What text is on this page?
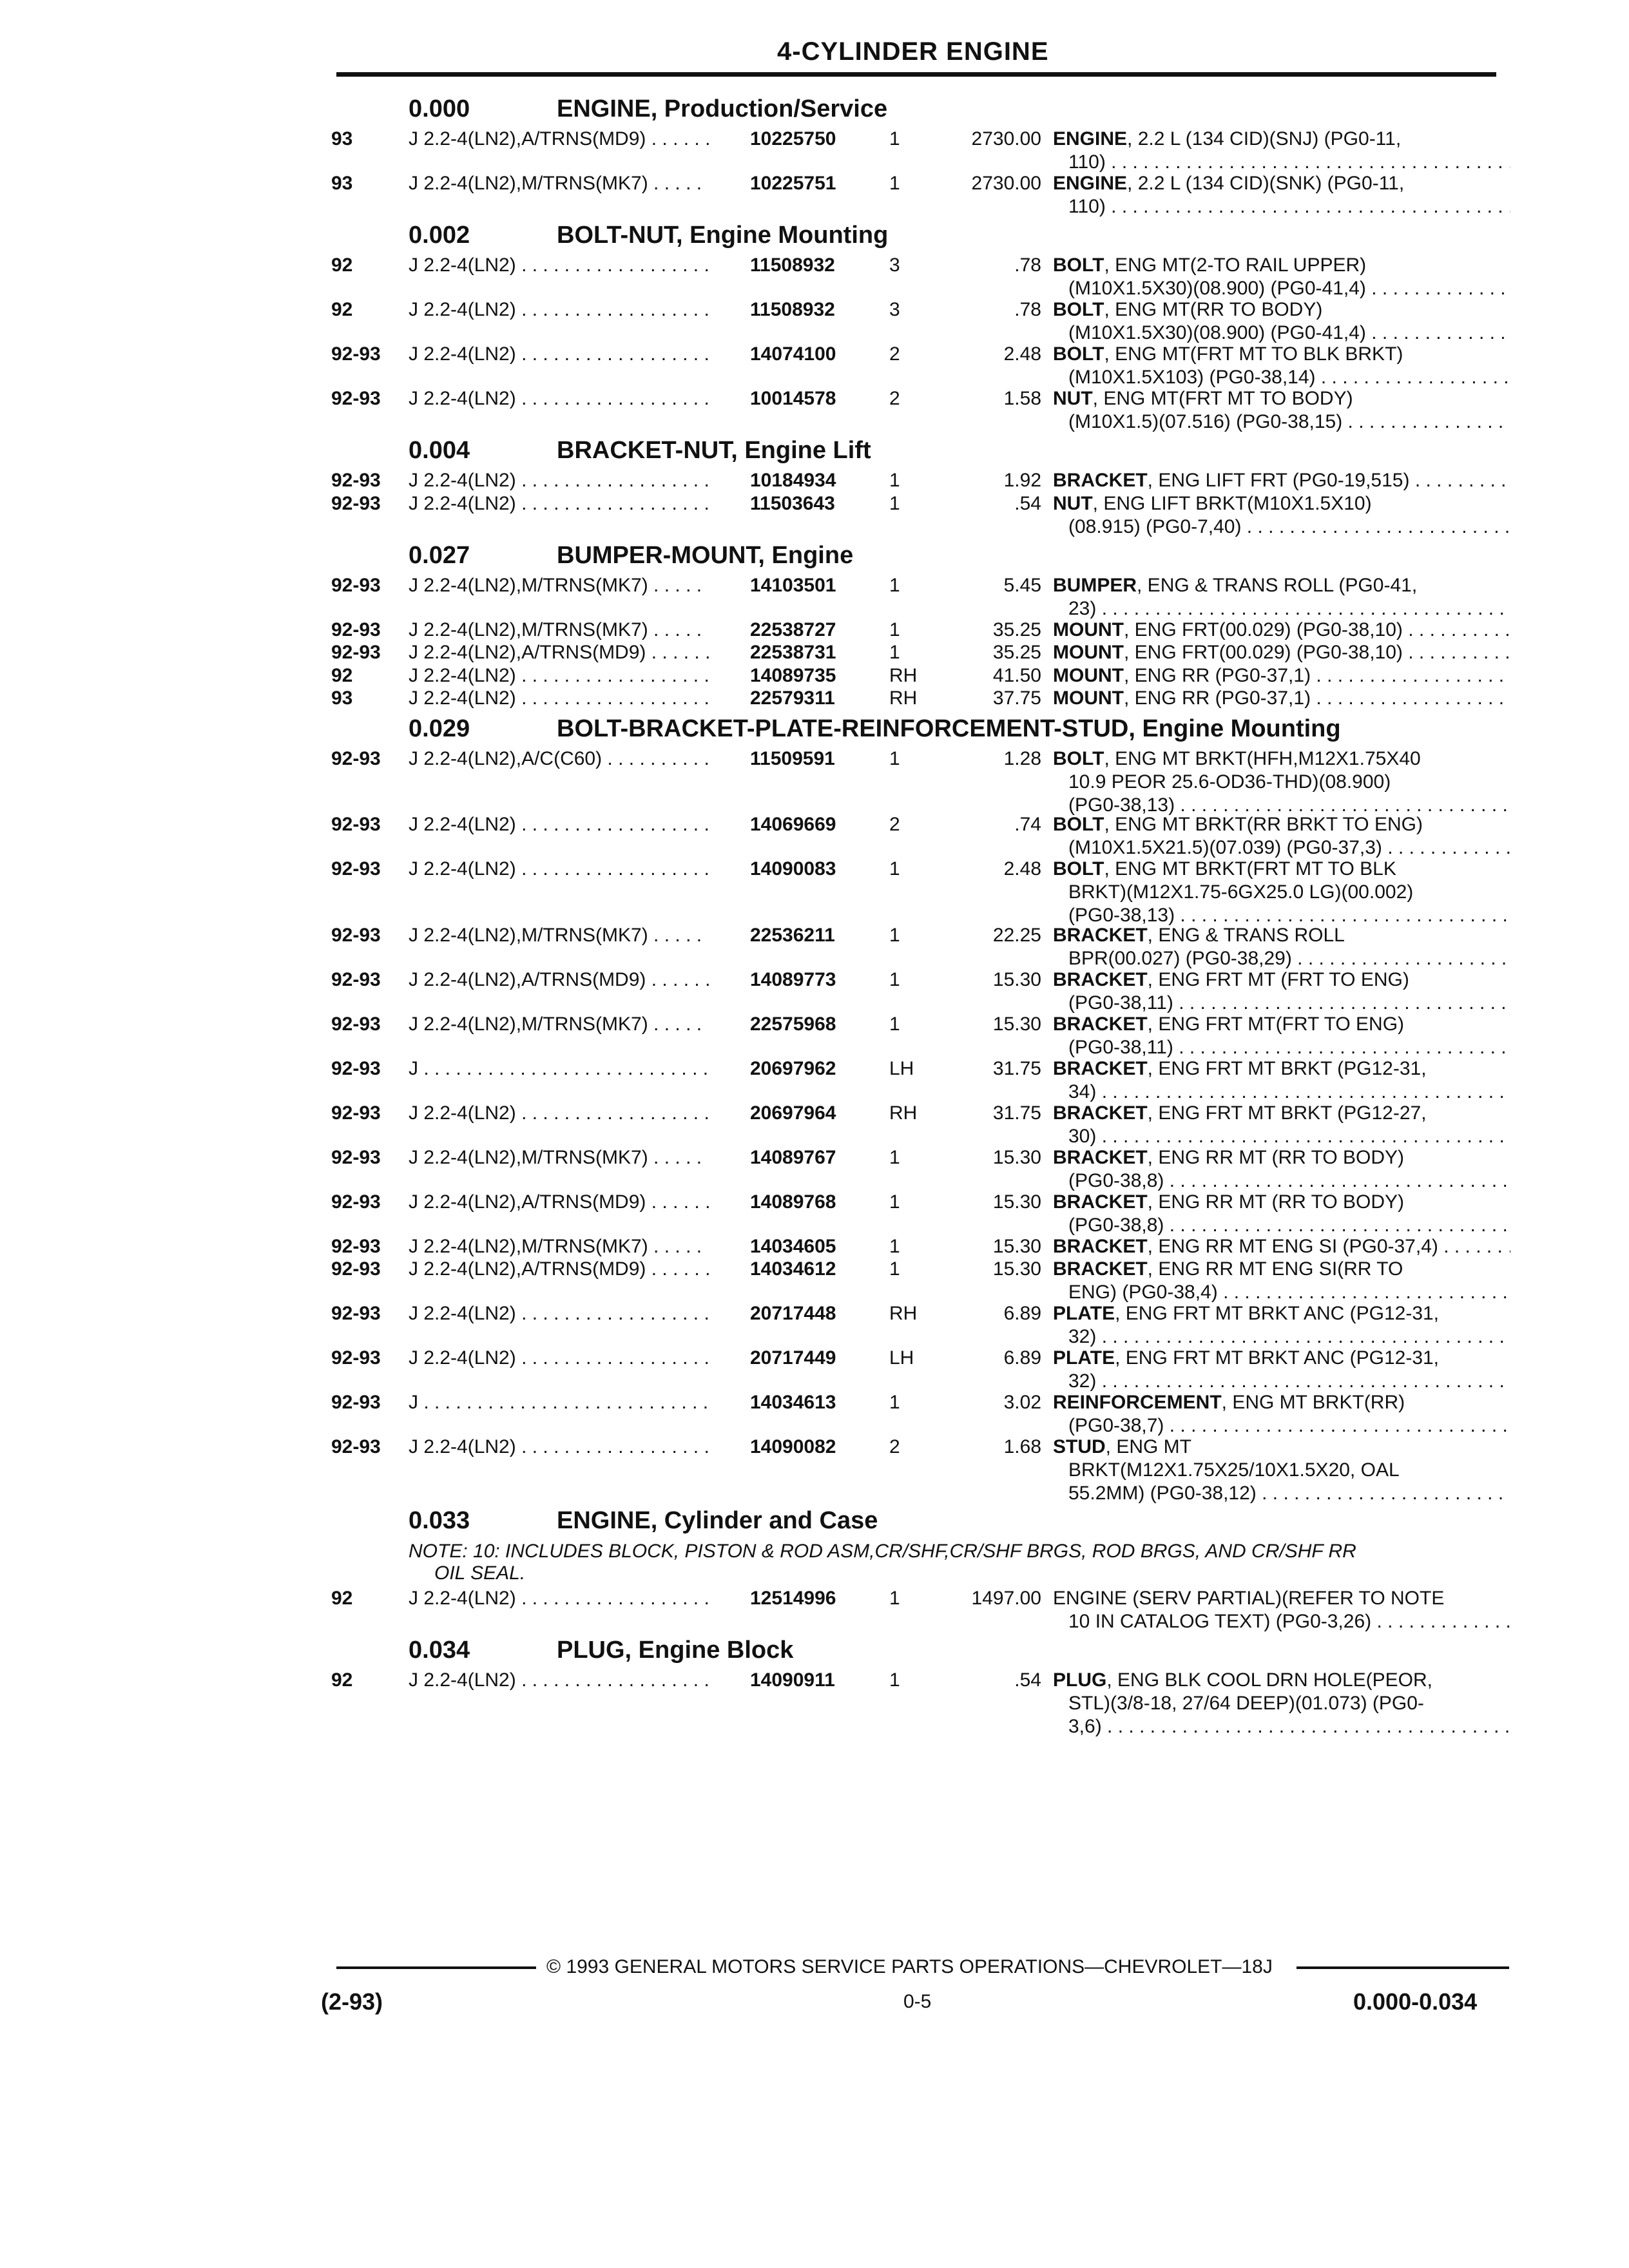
4-CYLINDER ENGINE
0.000	ENGINE, Production/Service
93	J 2.2-4(LN2),A/TRNS(MD9) . . .	10225750	1	2730.00 ENGINE, 2.2 L (134 CID)(SNJ) (PG0-11,
110) . . .
93	J 2.2-4(LN2),M/TRNS(MK7) . . .	10225751	1	2730.00 ENGINE, 2.2 L (134 CID)(SNK) (PG0-11,
110) . . .
0.002	BOLT-NUT, Engine Mounting
92	J 2.2-4(LN2) . . .	11508932	3	.78 BOLT, ENG MT(2-TO RAIL UPPER)
(M10X1.5X30)(08.900) (PG0-41,4) . . .
92	J 2.2-4(LN2) . . .	11508932	3	.78 BOLT, ENG MT(RR TO BODY)
(M10X1.5X30)(08.900) (PG0-41,4) . . .
92-93 J 2.2-4(LN2) . . .	14074100	2	2.48 BOLT, ENG MT(FRT MT TO BLK BRKT)
(M10X1.5X103) (PG0-38,14) . . .
92-93 J 2.2-4(LN2) . . .	10014578	2	1.58 NUT, ENG MT(FRT MT TO BODY)
(M10X1.5)(07.516) (PG0-38,15) . . .
0.004	BRACKET-NUT, Engine Lift
92-93 J 2.2-4(LN2) . . .	10184934	1	1.92 BRACKET, ENG LIFT FRT (PG0-19,515) . . .
92-93 J 2.2-4(LN2) . . .	11503643	1	.54 NUT, ENG LIFT BRKT(M10X1.5X10)
(08.915) (PG0-7,40) . . .
0.027	BUMPER-MOUNT, Engine
92-93 J 2.2-4(LN2),M/TRNS(MK7) . . .	14103501	1	5.45 BUMPER, ENG & TRANS ROLL (PG0-41,
23) . . .
92-93 J 2.2-4(LN2),M/TRNS(MK7) . . .	22538727	1	35.25 MOUNT, ENG FRT(00.029) (PG0-38,10) . . .
92-93 J 2.2-4(LN2),A/TRNS(MD9) . . .	22538731	1	35.25 MOUNT, ENG FRT(00.029) (PG0-38,10) . . .
92	J 2.2-4(LN2) . . .	14089735	RH	41.50 MOUNT, ENG RR (PG0-37,1) . . .
93	J 2.2-4(LN2) . . .	22579311	RH	37.75 MOUNT, ENG RR (PG0-37,1) . . .
0.029	BOLT-BRACKET-PLATE-REINFORCEMENT-STUD, Engine Mounting
92-93 J 2.2-4(LN2),A/C(C60) . . .	11509591	1	1.28 BOLT, ENG MT BRKT(HFH,M12X1.75X40
10.9 PEOR 25.6-OD36-THD)(08.900)
(PG0-38,13) . . .
92-93 J 2.2-4(LN2) . . .	14069669	2	.74 BOLT, ENG MT BRKT(RR BRKT TO ENG)
(M10X1.5X21.5)(07.039) (PG0-37,3) . . .
92-93 J 2.2-4(LN2) . . .	14090083	1	2.48 BOLT, ENG MT BRKT(FRT MT TO BLK
BRKT)(M12X1.75-6GX25.0 LG)(00.002)
(PG0-38,13) . . .
92-93 J 2.2-4(LN2),M/TRNS(MK7) . . .	22536211	1	22.25 BRACKET, ENG & TRANS ROLL
BPR(00.027) (PG0-38,29) . . .
92-93 J 2.2-4(LN2),A/TRNS(MD9) . . .	14089773	1	15.30 BRACKET, ENG FRT MT (FRT TO ENG)
(PG0-38,11) . . .
92-93 J 2.2-4(LN2),M/TRNS(MK7) . . .	22575968	1	15.30 BRACKET, ENG FRT MT(FRT TO ENG)
(PG0-38,11) . . .
92-93 J . . .	20697962	LH	31.75 BRACKET, ENG FRT MT BRKT (PG12-31,
34) . . .
92-93 J 2.2-4(LN2) . . .	20697964	RH	31.75 BRACKET, ENG FRT MT BRKT (PG12-27,
30) . . .
92-93 J 2.2-4(LN2),M/TRNS(MK7) . . .	14089767	1	15.30 BRACKET, ENG RR MT (RR TO BODY)
(PG0-38,8) . . .
92-93 J 2.2-4(LN2),A/TRNS(MD9) . . .	14089768	1	15.30 BRACKET, ENG RR MT (RR TO BODY)
(PG0-38,8) . . .
92-93 J 2.2-4(LN2),M/TRNS(MK7) . . .	14034605	1	15.30 BRACKET, ENG RR MT ENG SI (PG0-37,4) . . .
92-93 J 2.2-4(LN2),A/TRNS(MD9) . . .	14034612	1	15.30 BRACKET, ENG RR MT ENG SI(RR TO
ENG) (PG0-38,4) . . .
92-93 J 2.2-4(LN2) . . .	20717448	RH	6.89 PLATE, ENG FRT MT BRKT ANC (PG12-31,
32) . . .
92-93 J 2.2-4(LN2) . . .	20717449	LH	6.89 PLATE, ENG FRT MT BRKT ANC (PG12-31,
32) . . .
92-93 J . . .	14034613	1	3.02 REINFORCEMENT, ENG MT BRKT(RR)
(PG0-38,7) . . .
92-93 J 2.2-4(LN2) . . .	14090082	2	1.68 STUD, ENG MT
BRKT(M12X1.75X25/10X1.5X20, OAL
55.2MM) (PG0-38,12) . . .
0.033	ENGINE, Cylinder and Case
NOTE: 10: INCLUDES BLOCK, PISTON & ROD ASM,CR/SHF,CR/SHF BRGS, ROD BRGS, AND CR/SHF RR
OIL SEAL.
92	J 2.2-4(LN2) . . .	12514996	1	1497.00 ENGINE (SERV PARTIAL)(REFER TO NOTE
10 IN CATALOG TEXT) (PG0-3,26) . . .
0.034	PLUG, Engine Block
92	J 2.2-4(LN2) . . .	14090911	1	.54 PLUG, ENG BLK COOL DRN HOLE(PEOR,
STL)(3/8-18, 27/64 DEEP)(01.073) (PG0-
3,6) . . .
© 1993 GENERAL MOTORS SERVICE PARTS OPERATIONS—CHEVROLET—18J
(2-93)	0-5	0.000-0.034
